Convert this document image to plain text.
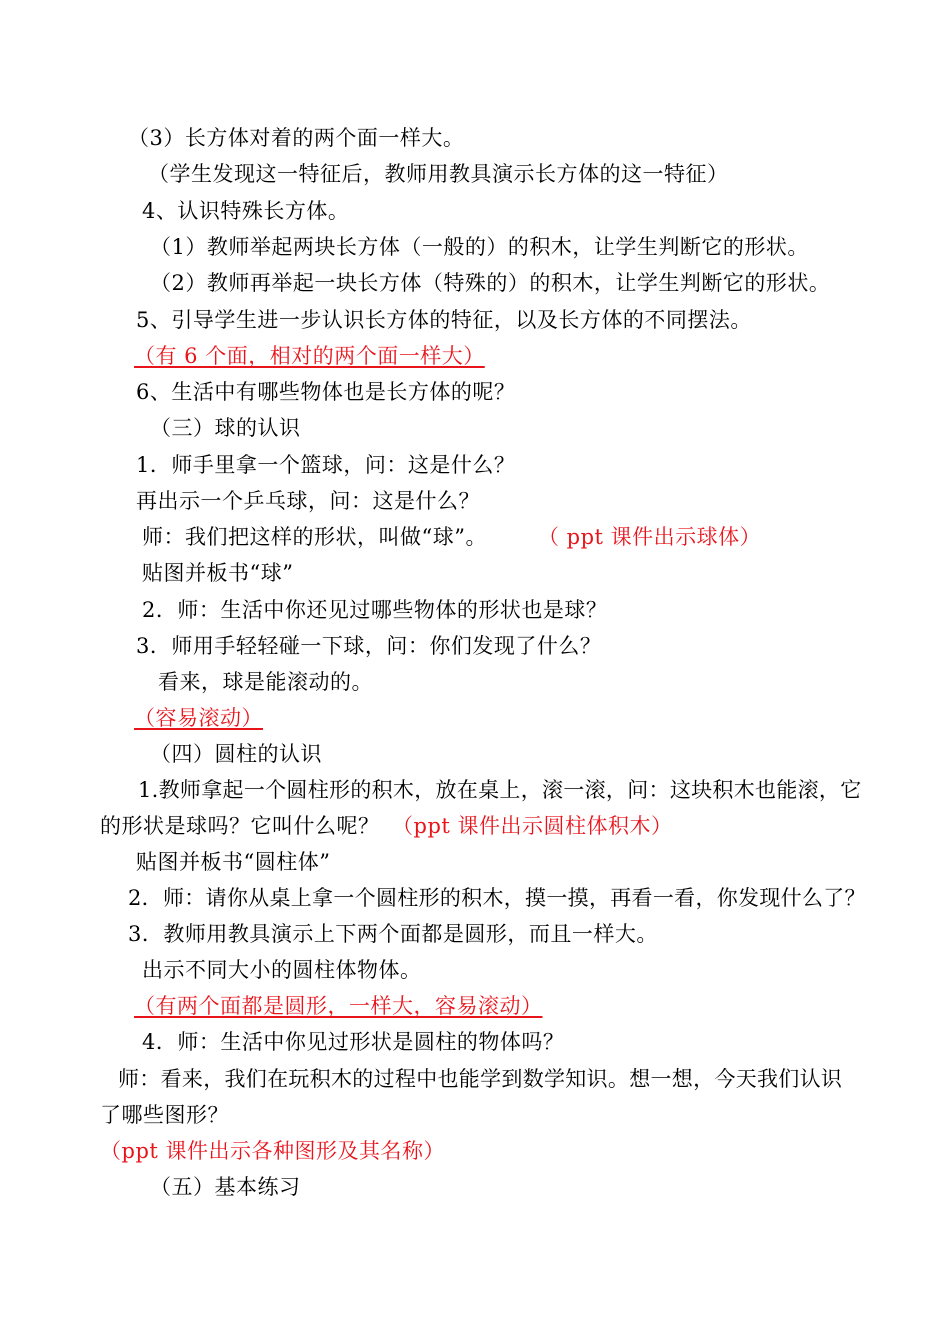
（3）长方体对着的两个面一样大。
（学生发现这一特征后，教师用教具演示长方体的这一特征）
4、认识特殊长方体。
（1）教师举起两块长方体（一般的）的积木，让学生判断它的形状。
（2）教师再举起一块长方体（特殊的）的积木，让学生判断它的形状。
5、引导学生进一步认识长方体的特征，以及长方体的不同摆法。
（有 6 个面，相对的两个面一样大）
6、生活中有哪些物体也是长方体的呢？
（三）球的认识
1．师手里拿一个篮球，问：这是什么？
再出示一个乒乓球，问：这是什么？
师：我们把这样的形状，叫做“球”。 （ ppt 课件出示球体）
贴图并板书“球”
2．师：生活中你还见过哪些物体的形状也是球？
3．师用手轻轻碰一下球，问：你们发现了什么？
看来，球是能滚动的。
（容易滚动）
（四）圆柱的认识
1.教师拿起一个圆柱形的积木，放在桌上，滚一滚，问：这块积木也能滚，它
的形状是球吗？它叫什么呢？ （ppt 课件出示圆柱体积木）
贴图并板书“圆柱体”
2．师：请你从桌上拿一个圆柱形的积木，摸一摸，再看一看，你发现什么了？
3．教师用教具演示上下两个面都是圆形，而且一样大。
出示不同大小的圆柱体物体。
（有两个面都是圆形，一样大，容易滚动）
4．师：生活中你见过形状是圆柱的物体吗？
师：看来，我们在玩积木的过程中也能学到数学知识。想一想，今天我们认识
了哪些图形？
（ppt 课件出示各种图形及其名称）
（五）基本练习
